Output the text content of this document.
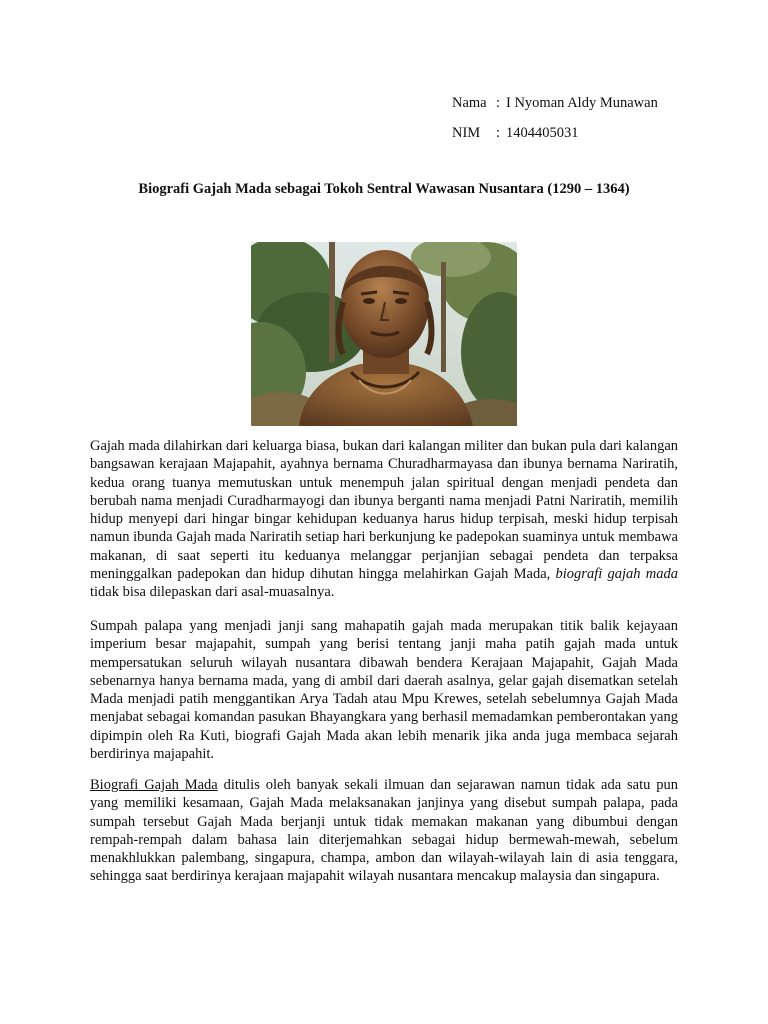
Nama : I Nyoman Aldy Munawan
NIM : 1404405031
Biografi Gajah Mada sebagai Tokoh Sentral Wawasan Nusantara (1290 – 1364)

Gajah mada dilahirkan dari keluarga biasa, bukan dari kalangan militer dan bukan pula dari kalangan bangsawan kerajaan Majapahit, ayahnya bernama Churadharmayasa dan ibunya bernama Nariratih, kedua orang tuanya memutuskan untuk menempuh jalan spiritual dengan menjadi pendeta dan berubah nama menjadi Curadharmayogi dan ibunya berganti nama menjadi Patni Nariratih, memilih hidup menyepi dari hingar bingar kehidupan keduanya harus hidup terpisah, meski hidup terpisah namun ibunda Gajah mada Nariratih setiap hari berkunjung ke padepokan suaminya untuk membawa makanan, di saat seperti itu keduanya melanggar perjanjian sebagai pendeta dan terpaksa meninggalkan padepokan dan hidup dihutan hingga melahirkan Gajah Mada, biografi gajah mada tidak bisa dilepaskan dari asal-muasalnya.

Sumpah palapa yang menjadi janji sang mahapatih gajah mada merupakan titik balik kejayaan imperium besar majapahit, sumpah yang berisi tentang janji maha patih gajah mada untuk mempersatukan seluruh wilayah nusantara dibawah bendera Kerajaan Majapahit, Gajah Mada sebenarnya hanya bernama mada, yang di ambil dari daerah asalnya, gelar gajah disematkan setelah Mada menjadi patih menggantikan Arya Tadah atau Mpu Krewes, setelah sebelumnya Gajah Mada menjabat sebagai komandan pasukan Bhayangkara yang berhasil memadamkan pemberontakan yang dipimpin oleh Ra Kuti, biografi Gajah Mada akan lebih menarik jika anda juga membaca sejarah berdirinya majapahit.

Biografi Gajah Mada ditulis oleh banyak sekali ilmuan dan sejarawan namun tidak ada satu pun yang memiliki kesamaan, Gajah Mada melaksanakan janjinya yang disebut sumpah palapa, pada sumpah tersebut Gajah Mada berjanji untuk tidak memakan makanan yang dibumbui dengan rempah-rempah dalam bahasa lain diterjemahkan sebagai hidup bermewah-mewah, sebelum menakhlukkan palembang, singapura, champa, ambon dan wilayah-wilayah lain di asia tenggara, sehingga saat berdirinya kerajaan majapahit wilayah nusantara mencakup malaysia dan singapura.
